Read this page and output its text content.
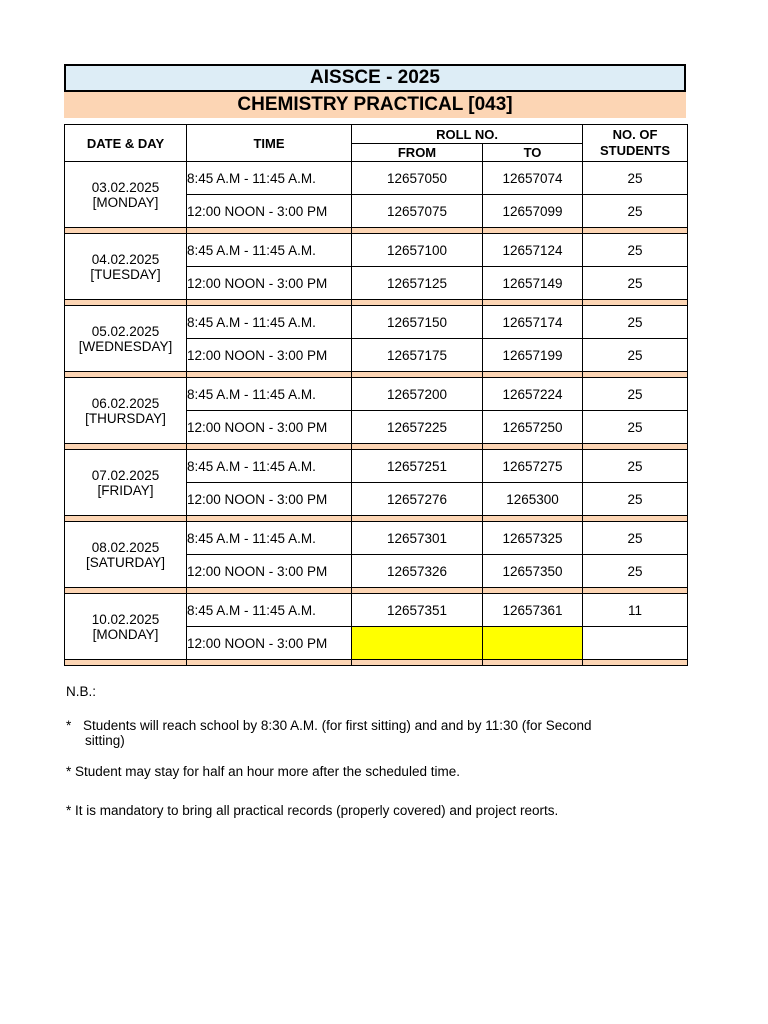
AISSCE - 2025
CHEMISTRY PRACTICAL [043]
DATE & DAY	TIME	ROLL NO.		NO. OF
STUDENTS
		FROM	TO	

03.02.2025
[MONDAY]	8:45 A.M - 11:45 A.M.	12657050	12657074	25
	12:00 NOON - 3:00 PM	12657075	12657099	25

04.02.2025
[TUESDAY]	8:45 A.M - 11:45 A.M.	12657100	12657124	25
	12:00 NOON - 3:00 PM	12657125	12657149	25

05.02.2025
[WEDNESDAY]	8:45 A.M - 11:45 A.M.	12657150	12657174	25
	12:00 NOON - 3:00 PM	12657175	12657199	25

06.02.2025
[THURSDAY]	8:45 A.M - 11:45 A.M.	12657200	12657224	25
	12:00 NOON - 3:00 PM	12657225	12657250	25

07.02.2025
[FRIDAY]	8:45 A.M - 11:45 A.M.	12657251	12657275	25
	12:00 NOON - 3:00 PM	12657276	1265300	25

08.02.2025
[SATURDAY]	8:45 A.M - 11:45 A.M.	12657301	12657325	25
	12:00 NOON - 3:00 PM	12657326	12657350	25

10.02.2025
[MONDAY]	8:45 A.M - 11:45 A.M.	12657351	12657361	11
	12:00 NOON - 3:00 PM			

N.B.:
* Students will reach school by 8:30 A.M. (for first sitting) and and by 11:30 (for Second
sitting)
* Student may stay for half an hour more after the scheduled time.
* It is mandatory to bring all practical records (properly covered) and project reorts.
